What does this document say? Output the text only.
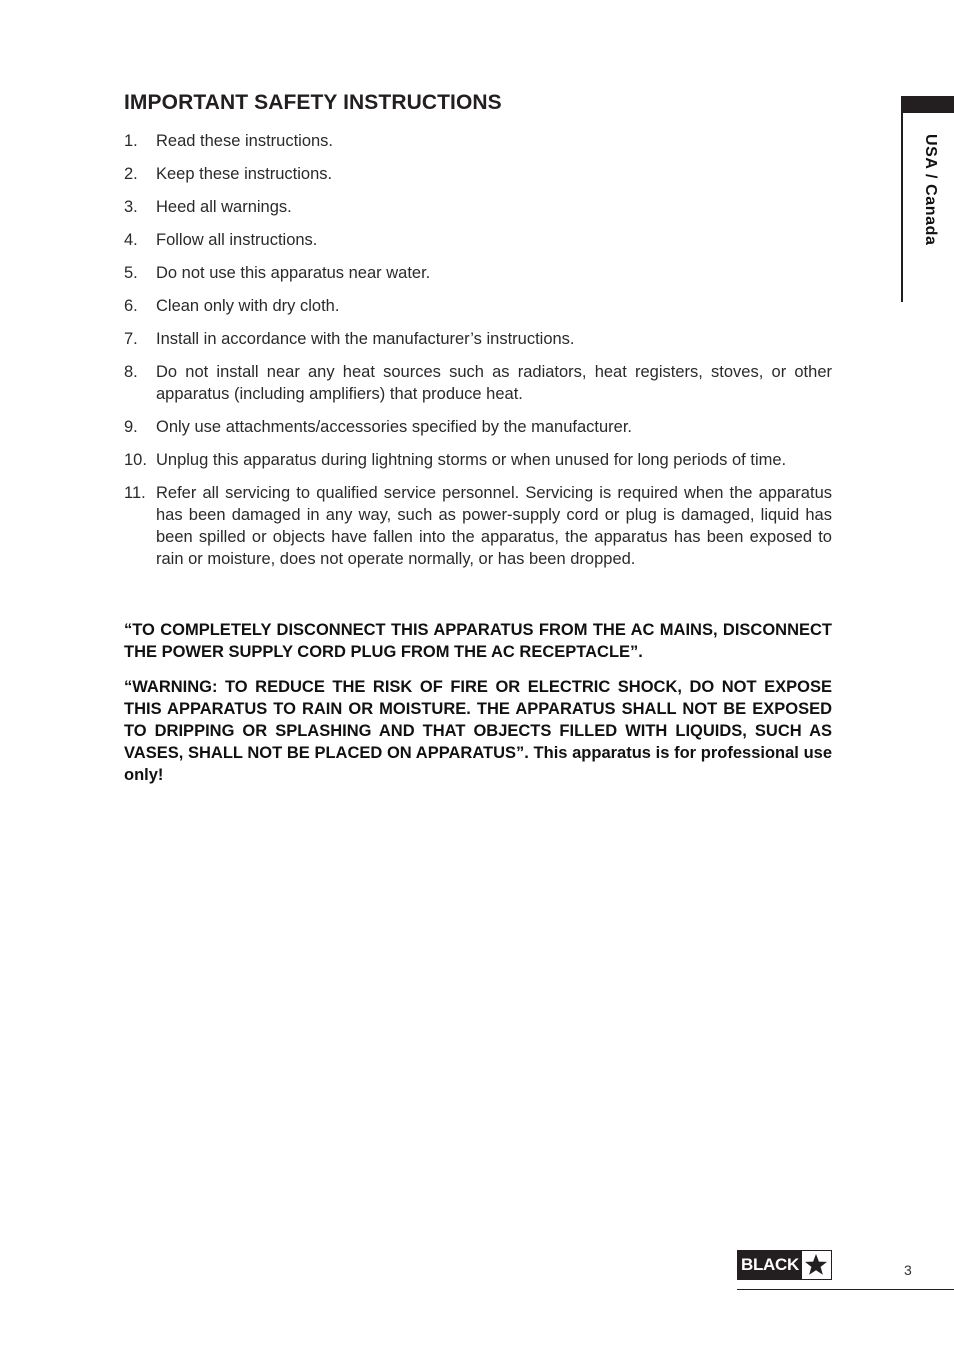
IMPORTANT SAFETY INSTRUCTIONS
1.	Read these instructions.
2.	Keep these instructions.
3.	Heed all warnings.
4.	Follow all instructions.
5.	Do not use this apparatus near water.
6.	Clean only with dry cloth.
7.	Install in accordance with the manufacturer’s instructions.
8.	Do not install near any heat sources such as radiators, heat registers, stoves, or other apparatus (including amplifiers) that produce heat.
9.	Only use attachments/accessories specified by the manufacturer.
10. Unplug this apparatus during lightning storms or when unused for long periods of time.
11. Refer all servicing to qualified service personnel. Servicing is required when the apparatus has been damaged in any way, such as power-supply cord or plug is damaged, liquid has been spilled or objects have fallen into the apparatus, the apparatus has been exposed to rain or moisture, does not operate normally, or has been dropped.

“TO COMPLETELY DISCONNECT THIS APPARATUS FROM THE AC MAINS, DISCONNECT THE POWER SUPPLY CORD PLUG FROM THE AC RECEPTACLE”.

“WARNING: TO REDUCE THE RISK OF FIRE OR ELECTRIC SHOCK, DO NOT EXPOSE THIS APPARATUS TO RAIN OR MOISTURE. THE APPARATUS SHALL NOT BE EXPOSED TO DRIPPING OR SPLASHING AND THAT OBJECTS FILLED WITH LIQUIDS, SUCH AS VASES, SHALL NOT BE PLACED ON APPARATUS”. This apparatus is for professional use only!

USA / Canada
BLACK	3
